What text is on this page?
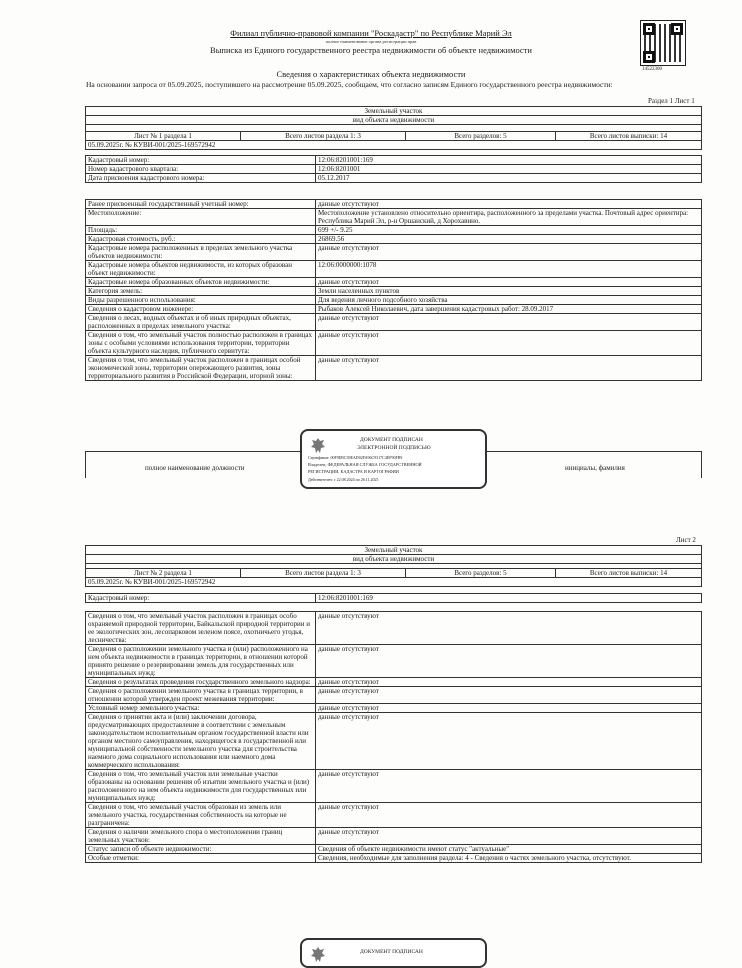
Филиал публично-правовой компании "Роскадастр" по Республике Марий Эл
полное наименование органа регистрации прав
Выписка из Единого государственного реестра недвижимости об объекте недвижимости
Сведения о характеристиках объекта недвижимости
На основании запроса от 05.09.2025, поступившего на рассмотрение 05.09.2025, сообщаем, что согласно записям Единого государственного реестра недвижимости:
14522300
Раздел 1 Лист 1
Земельный участок
вид объекта недвижимости

Лист № 1 раздела 1	Всего листов раздела 1: 3	Всего разделов: 5	Всего листов выписки: 14
05.09.2025г. № КУВИ-001/2025-169572942
Кадастровый номер:	12:06:8201001:169
Номер кадастрового квартала:	12:06:8201001
Дата присвоения кадастрового номера:	05.12.2017
Ранее присвоенный государственный учетный номер:	данные отсутствуют
Местоположение:	Местоположение установлено относительно ориентира, расположенного за пределами участка. Почтовый адрес ориентира: Республика Марий Эл, р-н Оршанский, д Хорохавино.
Площадь:	699 +/- 9.25
Кадастровая стоимость, руб.:	26869.56
Кадастровые номера расположенных в пределах земельного участка объектов недвижимости:	данные отсутствуют
Кадастровые номера объектов недвижимости, из которых образован объект недвижимости:	12:06:0000000:1078
Кадастровые номера образованных объектов недвижимости:	данные отсутствуют
Категория земель:	Земли населенных пунктов
Виды разрешенного использования:	Для ведения личного подсобного хозяйства
Сведения о кадастровом инженере:	Рыбаков Алексей Николаевич, дата завершения кадастровых работ: 28.09.2017
Сведения о лесах, водных объектах и об иных природных объектах, расположенных в пределах земельного участка:	данные отсутствуют
Сведения о том, что земельный участок полностью расположен в границах зоны с особыми условиями использования территории, территории объекта культурного наследия, публичного сервитута:	данные отсутствуют
Сведения о том, что земельный участок расположен в границах особой экономической зоны, территории опережающего развития, зоны территориального развития в Российской Федерации, игорной зоны:	данные отсутствуют
полное наименование должности	инициалы, фамилия
ДОКУМЕНТ ПОДПИСАН
ЭЛЕКТРОННОЙ ПОДПИСЬЮ
Сертификат: 00F9EBC39EAD02FA96C9317C4EF90FB9
Владелец: ФЕДЕРАЛЬНАЯ СЛУЖБА ГОСУДАРСТВЕННОЙ
РЕГИСТРАЦИИ, КАДАСТРА И КАРТОГРАФИИ
Действителен: с 22.08.2024 по 26.11.2025
Лист 2
Земельный участок
вид объекта недвижимости

Лист № 2 раздела 1	Всего листов раздела 1: 3	Всего разделов: 5	Всего листов выписки: 14
05.09.2025г. № КУВИ-001/2025-169572942
Кадастровый номер:	12:06:8201001:169
Сведения о том, что земельный участок расположен в границах особо охраняемой природной территории, Байкальской природной территории и ее экологических зон, лесопарковом зеленом поясе, охотничьего угодья, лесничества:	данные отсутствуют
Сведения о расположении земельного участка и (или) расположенного на нем объекта недвижимости в границах территории, в отношении которой принято решение о резервировании земель для государственных или муниципальных нужд:	данные отсутствуют
Сведения о результатах проведения государственного земельного надзора:	данные отсутствуют
Сведения о расположении земельного участка в границах территории, в отношении которой утвержден проект межевания территории:	данные отсутствуют
Условный номер земельного участка:	данные отсутствуют
Сведения о принятии акта и (или) заключении договора, предусматривающих предоставление в соответствии с земельным законодательством исполнительным органом государственной власти или органом местного самоуправления, находящегося в государственной или муниципальной собственности земельного участка для строительства наемного дома социального использования или наемного дома коммерческого использования:	данные отсутствуют
Сведения о том, что земельный участок или земельные участки образованы на основании решения об изъятии земельного участка и (или) расположенного на нем объекта недвижимости для государственных или муниципальных нужд:	данные отсутствуют
Сведения о том, что земельный участок образован из земель или земельного участка, государственная собственность на которые не разграничена:	данные отсутствуют
Сведения о наличии земельного спора о местоположении границ земельных участков:	данные отсутствуют
Статус записи об объекте недвижимости:	Сведения об объекте недвижимости имеют статус "актуальные"
Особые отметки:	Сведения, необходимые для заполнения раздела: 4 - Сведения о частях земельного участка, отсутствуют.
ДОКУМЕНТ ПОДПИСАН
